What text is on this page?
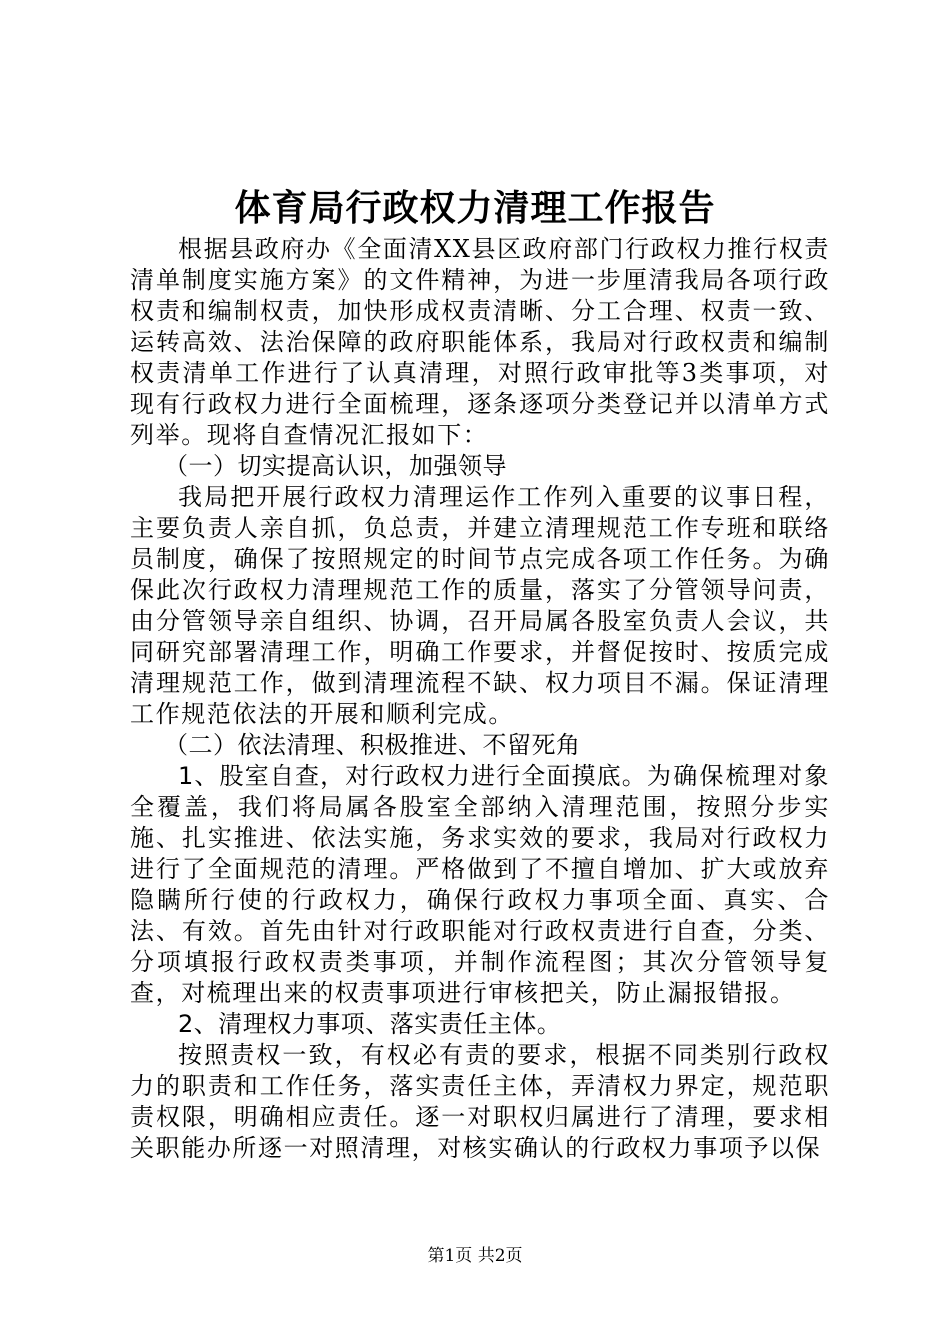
体育局行政权力清理工作报告

根据县政府办《全面清XX县区政府部门行政权力推行权责清单制度实施方案》的文件精神，为进一步厘清我局各项行政权责和编制权责，加快形成权责清晰、分工合理、权责一致、运转高效、法治保障的政府职能体系，我局对行政权责和编制权责清单工作进行了认真清理，对照行政审批等3类事项，对现有行政权力进行全面梳理，逐条逐项分类登记并以清单方式列举。现将自查情况汇报如下：

（一）切实提高认识，加强领导

我局把开展行政权力清理运作工作列入重要的议事日程，主要负责人亲自抓，负总责，并建立清理规范工作专班和联络员制度，确保了按照规定的时间节点完成各项工作任务。为确保此次行政权力清理规范工作的质量，落实了分管领导问责，由分管领导亲自组织、协调，召开局属各股室负责人会议，共同研究部署清理工作，明确工作要求，并督促按时、按质完成清理规范工作，做到清理流程不缺、权力项目不漏。保证清理工作规范依法的开展和顺利完成。

（二）依法清理、积极推进、不留死角

1、股室自查，对行政权力进行全面摸底。为确保梳理对象全覆盖，我们将局属各股室全部纳入清理范围，按照分步实施、扎实推进、依法实施，务求实效的要求，我局对行政权力进行了全面规范的清理。严格做到了不擅自增加、扩大或放弃隐瞒所行使的行政权力，确保行政权力事项全面、真实、合法、有效。首先由针对行政职能对行政权责进行自查，分类、分项填报行政权责类事项，并制作流程图；其次分管领导复查，对梳理出来的权责事项进行审核把关，防止漏报错报。

2、清理权力事项、落实责任主体。

按照责权一致，有权必有责的要求，根据不同类别行政权力的职责和工作任务，落实责任主体，弄清权力界定，规范职责权限，明确相应责任。逐一对职权归属进行了清理，要求相关职能办所逐一对照清理，对核实确认的行政权力事项予以保

第1页 共2页
